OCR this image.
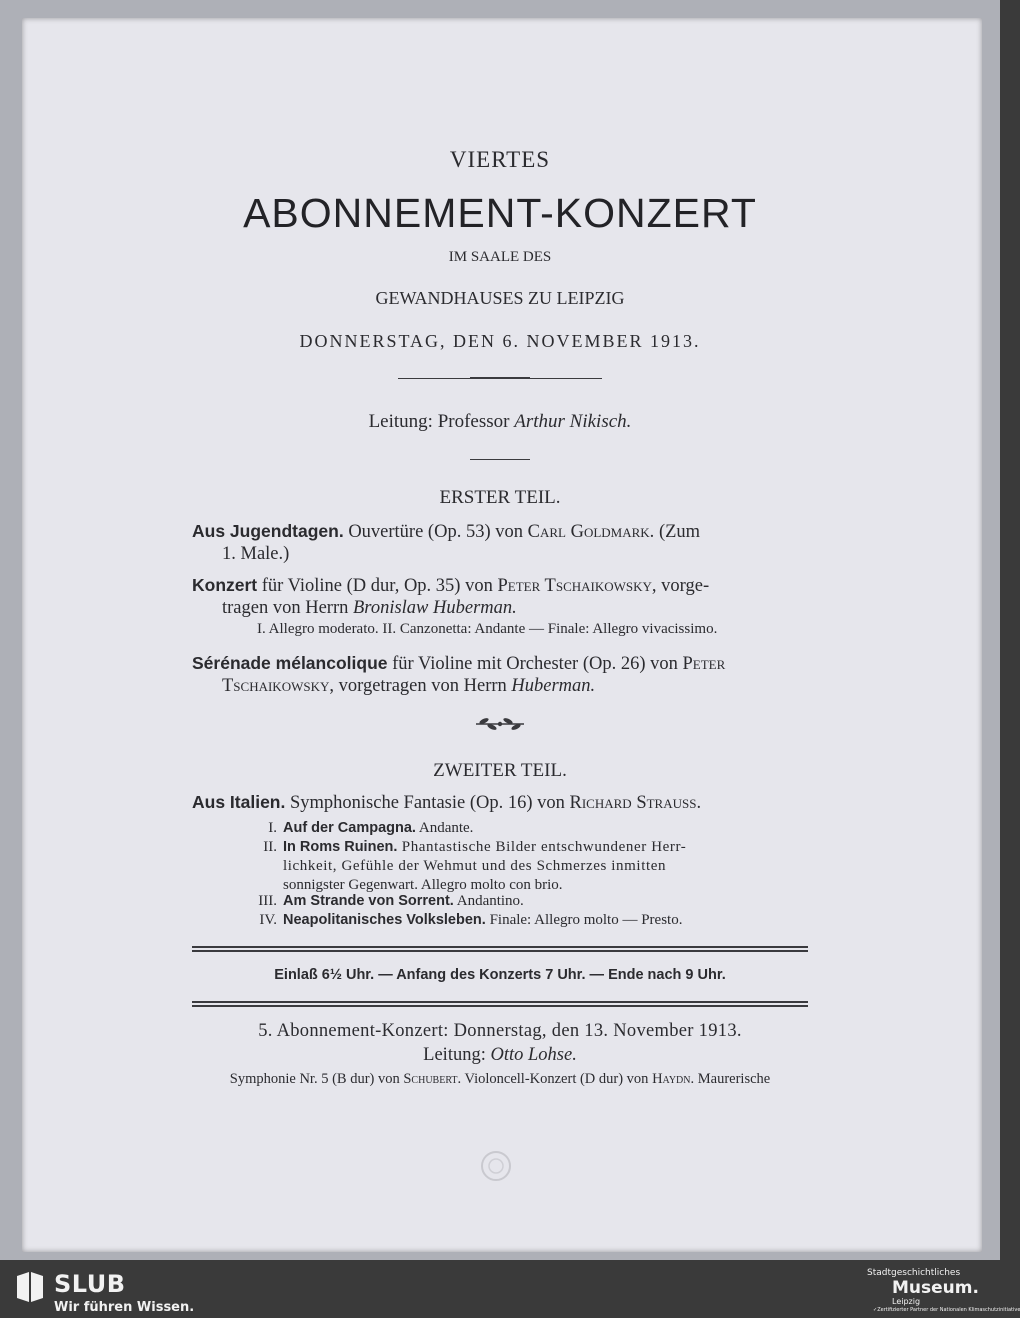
VIERTES
ABONNEMENT-KONZERT
IM SAALE DES
GEWANDHAUSES ZU LEIPZIG
DONNERSTAG, DEN 6. NOVEMBER 1913.
Leitung: Professor Arthur Nikisch.
ERSTER TEIL.
Aus Jugendtagen. Ouvertüre (Op. 53) von Carl Goldmark. (Zum
1. Male.)
Konzert für Violine (D dur, Op. 35) von Peter Tschaikowsky, vorge-
tragen von Herrn Bronislaw Huberman.
I. Allegro moderato. II. Canzonetta: Andante — Finale: Allegro vivacissimo.
Sérénade mélancolique für Violine mit Orchester (Op. 26) von Peter
Tschaikowsky, vorgetragen von Herrn Huberman.
ZWEITER TEIL.
Aus Italien. Symphonische Fantasie (Op. 16) von Richard Strauss.
I. Auf der Campagna. Andante.
II. In Roms Ruinen. Phantastische Bilder entschwundener Herr-
lichkeit, Gefühle der Wehmut und des Schmerzes inmitten
sonnigster Gegenwart. Allegro molto con brio.
III. Am Strande von Sorrent. Andantino.
IV. Neapolitanisches Volksleben. Finale: Allegro molto — Presto.
Einlaß 6½ Uhr. — Anfang des Konzerts 7 Uhr. — Ende nach 9 Uhr.
5. Abonnement-Konzert: Donnerstag, den 13. November 1913.
Leitung: Otto Lohse.
Symphonie Nr. 5 (B dur) von Schubert. Violoncell-Konzert (D dur) von Haydn. Maurerische
SLUB
Wir führen Wissen.
Stadtgeschichtliches
Museum.
Leipzig
✓Zertifizierter Partner der Nationalen Klimaschutzinitiative
